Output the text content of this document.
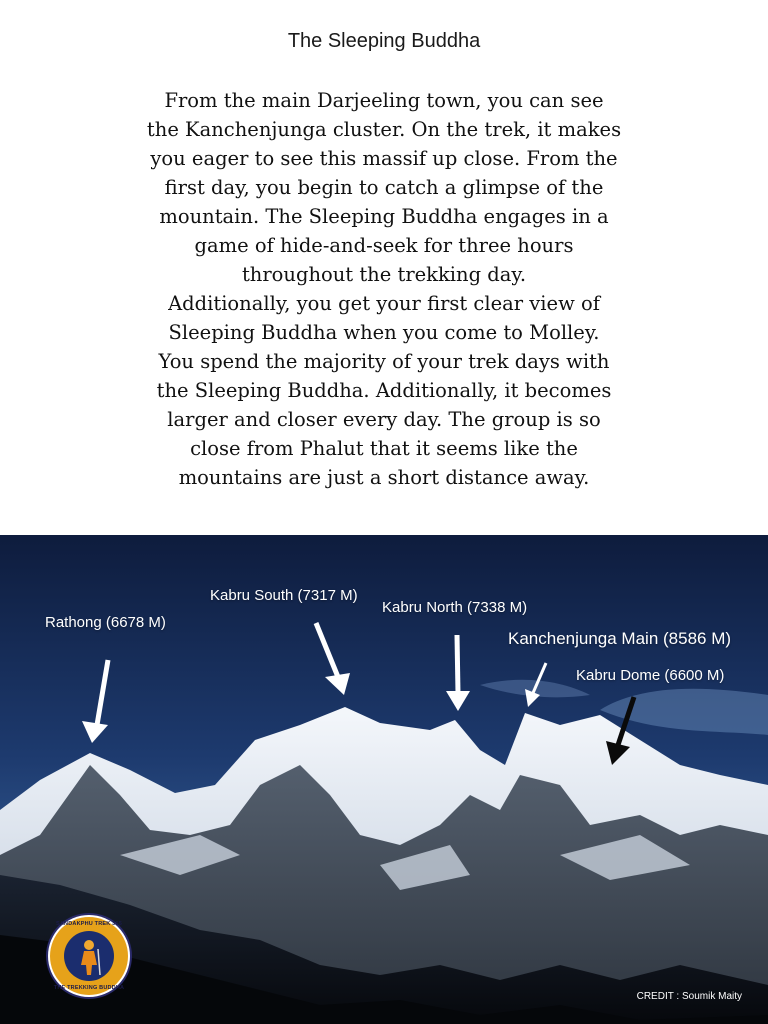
The Sleeping Buddha
From the main Darjeeling town, you can see
the Kanchenjunga cluster. On the trek, it makes
you eager to see this massif up close. From the
first day, you begin to catch a glimpse of the
mountain. The Sleeping Buddha engages in a
game of hide-and-seek for three hours
throughout the trekking day.
Additionally, you get your first clear view of
Sleeping Buddha when you come to Molley.
You spend the majority of your trek days with
the Sleeping Buddha. Additionally, it becomes
larger and closer every day. The group is so
close from Phalut that it seems like the
mountains are just a short distance away.
Rathong (6678 M)
Kabru South (7317 M)
Kabru North (7338 M)
Kanchenjunga Main (8586 M)
Kabru Dome (6600 M)
SANDAKPHU TREK 365
THE TREKKING BUDDHA
CREDIT : Soumik Maity
